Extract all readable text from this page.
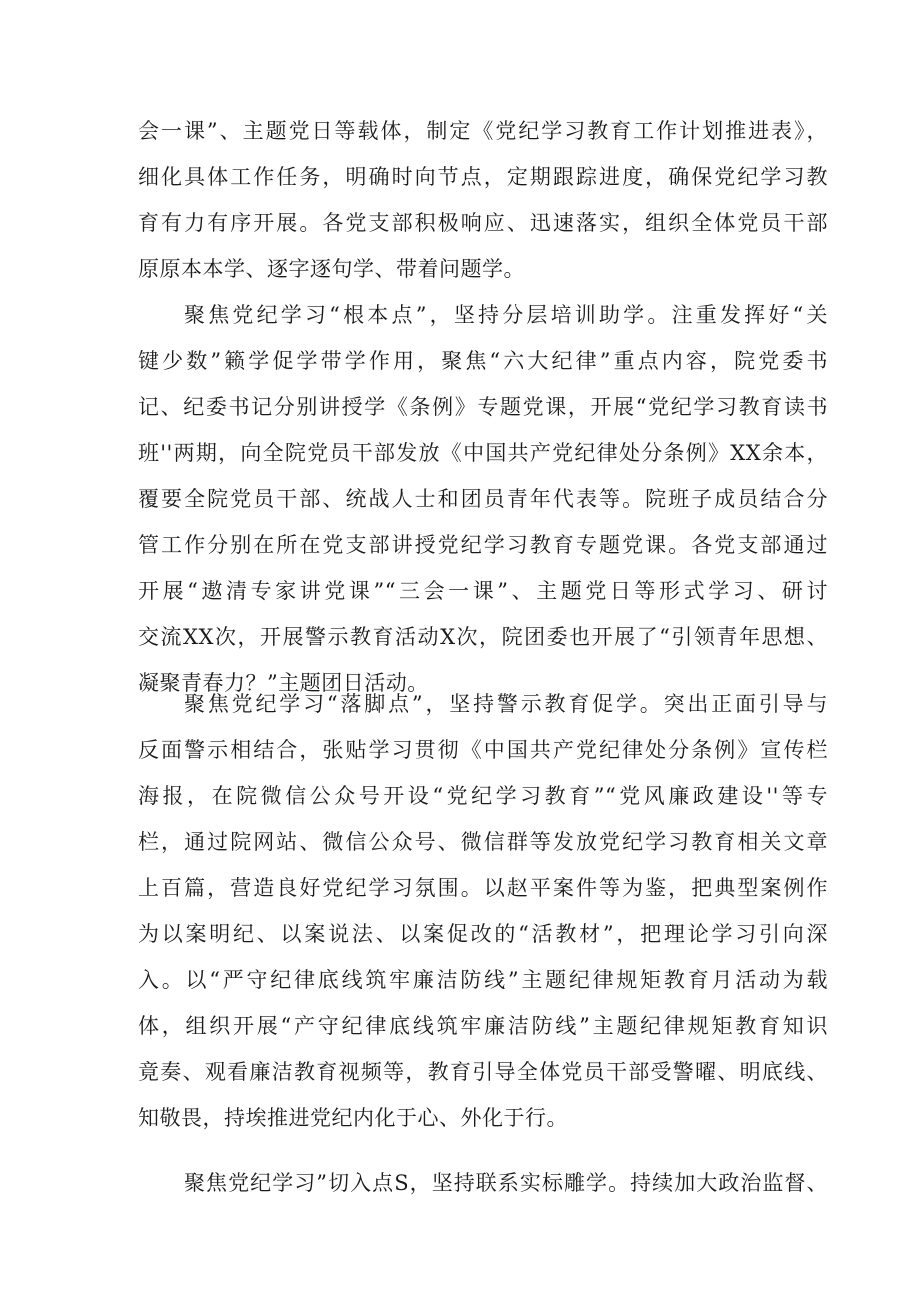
会一课”、主题党日等载体，制定《党纪学习教育工作计划推进表》，
细化具体工作任务，明确时向节点，定期跟踪进度，确保党纪学习教
育有力有序开展。各党支部积极响应、迅速落实，组织全体党员干部
原原本本学、逐字逐句学、带着问题学。
聚焦党纪学习“根本点”，坚持分层培训助学。注重发挥好“关
键少数”籁学促学带学作用，聚焦“六大纪律”重点内容，院党委书
记、纪委书记分别讲授学《条例》专题党课，开展“党纪学习教育读书
班''两期，向全院党员干部发放《中国共产党纪律处分条例》XX余本，
覆要全院党员干部、统战人士和团员青年代表等。院班子成员结合分
管工作分别在所在党支部讲授党纪学习教育专题党课。各党支部通过
开展“遨清专家讲党课”“三会一课”、主题党日等形式学习、研讨
交流XX次，开展警示教育活动X次，院团委也开展了“引领青年思想、
凝聚青春力？”主题团日活动。
聚焦党纪学习“落脚点”，坚持警示教育促学。突出正面引导与
反面警示相结合，张贴学习贯彻《中国共产党纪律处分条例》宣传栏
海报，在院微信公众号开设“党纪学习教育”“党风廉政建设''等专
栏，通过院网站、微信公众号、微信群等发放党纪学习教育相关文章
上百篇，营造良好党纪学习氛围。以赵平案件等为鉴，把典型案例作
为以案明纪、以案说法、以案促改的“活教材”，把理论学习引向深
入。以“严守纪律底线筑牢廉洁防线”主题纪律规矩教育月活动为载
体，组织开展“产守纪律底线筑牢廉洁防线”主题纪律规矩教育知识
竟奏、观看廉洁教育视频等，教育引导全体党员干部受警曜、明底线、
知敬畏，持埃推进党纪内化于心、外化于行。
聚焦党纪学习”切入点S，坚持联系实标雕学。持续加大政治监督、
